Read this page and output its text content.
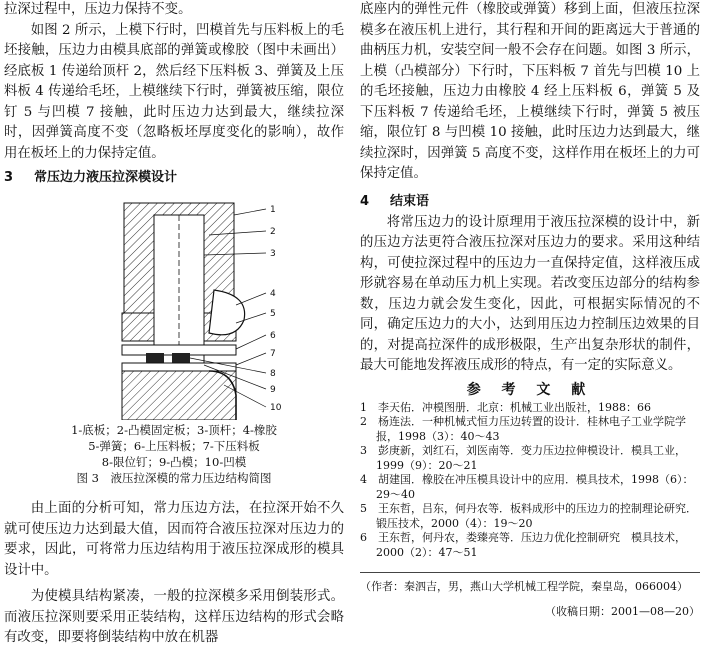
拉深过程中，压边力保持不变。

如图 2 所示，上模下行时，凹模首先与压料板上的毛坯接触，压边力由模具底部的弹簧或橡胶（图中未画出）经底板 1 传递给顶杆 2，然后经下压料板 3、弹簧及上压料板 4 传递给毛坯，上模继续下行时，弹簧被压缩，限位钉 5 与凹模 7 接触，此时压边力达到最大，继续拉深时，因弹簧高度不变（忽略板坯厚度变化的影响），故作用在板坯上的力保持定值。

3 常压边力液压拉深模设计

1
2
3
4
5
6
7
8
9
10

1-底板；2-凸模固定板；3-顶杆；4-橡胶

5-弹簧；6-上压料板；7-下压料板

8-限位钉；9-凸模；10-凹模

图 3　液压拉深模的常力压边结构简图

由上面的分析可知，常力压边方法，在拉深开始不久就可使压边力达到最大值，因而符合液压拉深对压边力的要求，因此，可将常力压边结构用于液压拉深成形的模具设计中。

为使模具结构紧凑，一般的拉深模多采用倒装形式。而液压拉深则要采用正装结构，这样压边结构的形式会略有改变，即要将倒装结构中放在机器

底座内的弹性元件（橡胶或弹簧）移到上面，但液压拉深模多在液压机上进行，其行程和开间的距离远大于普通的曲柄压力机，安装空间一般不会存在问题。如图 3 所示，上模（凸模部分）下行时，下压料板 7 首先与凹模 10 上的毛坯接触，压边力由橡胶 4 经上压料板 6，弹簧 5 及下压料板 7 传递给毛坯，上模继续下行时，弹簧 5 被压缩，限位钉 8 与凹模 10 接触，此时压边力达到最大，继续拉深时，因弹簧 5 高度不变，这样作用在板坯上的力可保持定值。

4 结束语

将常压边力的设计原理用于液压拉深模的设计中，新的压边方法更符合液压拉深对压边力的要求。采用这种结构，可使拉深过程中的压边力一直保持定值，这样液压成形就容易在单动压力机上实现。若改变压边部分的结构参数，压边力就会发生变化，因此，可根据实际情况的不同，确定压边力的大小，达到用压边力控制压边效果的目的，对提高拉深件的成形极限，生产出复杂形状的制件，最大可能地发挥液压成形的特点，有一定的实际意义。

参 考 文 献

1　李天佑．冲模图册．北京：机械工业出版社，1988：66

2　杨连法．一种机械式恒力压边转置的设计．桂林电子工业学院学报，1998（3）：40～43

3　彭庚新，刘红石，刘医南等．变力压边拉伸模设计．模具工业，1999（9）：20～21

4　胡建国．橡胶在冲压模具设计中的应用．模具技术，1998（6）：29～40

5　王东哲，吕东，何丹农等．板料成形中的压边力的控制理论研究．锻压技术，2000（4）：19～20

6　王东哲，何丹农，娄臻亮等．压边力优化控制研究　模具技术，2000（2）：47～51

（作者：秦泗吉，男，燕山大学机械工程学院，秦皇岛，066004）

（收稿日期：2001—08—20）
